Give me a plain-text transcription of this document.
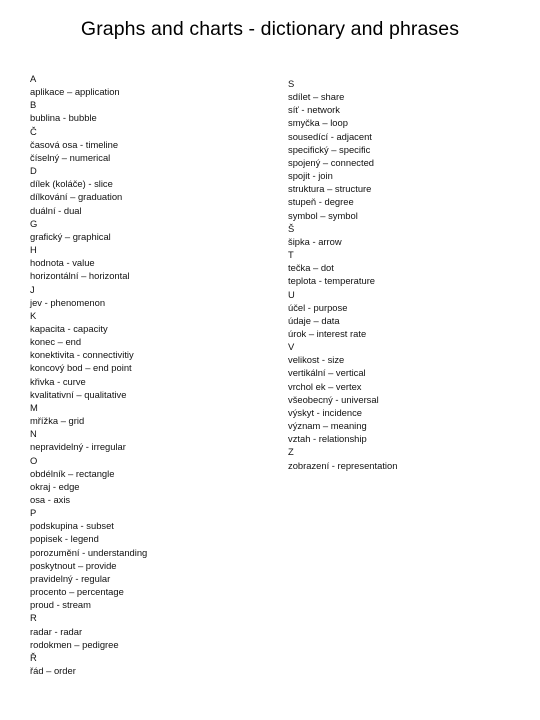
Graphs and charts - dictionary and phrases
A
aplikace – application
B
bublina - bubble
Č
časová osa - timeline
číselný – numerical
D
dílek (koláče) - slice
dílkování – graduation
duální - dual
G
grafický – graphical
H
hodnota - value
horizontální – horizontal
J
jev - phenomenon
K
kapacita - capacity
konec – end
konektivita - connectivitiy
koncový bod – end point
křivka - curve
kvalitativní – qualitative
M
mřížka – grid
N
nepravidelný - irregular
O
obdélník – rectangle
okraj - edge
osa - axis
P
podskupina - subset
popisek - legend
porozumění - understanding
poskytnout – provide
pravidelný - regular
procento – percentage
proud - stream
R
radar - radar
rodokmen – pedigree
Ř
řád – order
S
sdílet – share
síť - network
smyčka – loop
sousedící - adjacent
specifický – specific
spojený – connected
spojit - join
struktura – structure
stupeň - degree
symbol – symbol
Š
šipka - arrow
T
tečka – dot
teplota - temperature
U
účel - purpose
údaje – data
úrok – interest rate
V
velikost - size
vertikální – vertical
vrchol ek – vertex
všeobecný - universal
výskyt - incidence
význam – meaning
vztah - relationship
Z
zobrazení - representation
